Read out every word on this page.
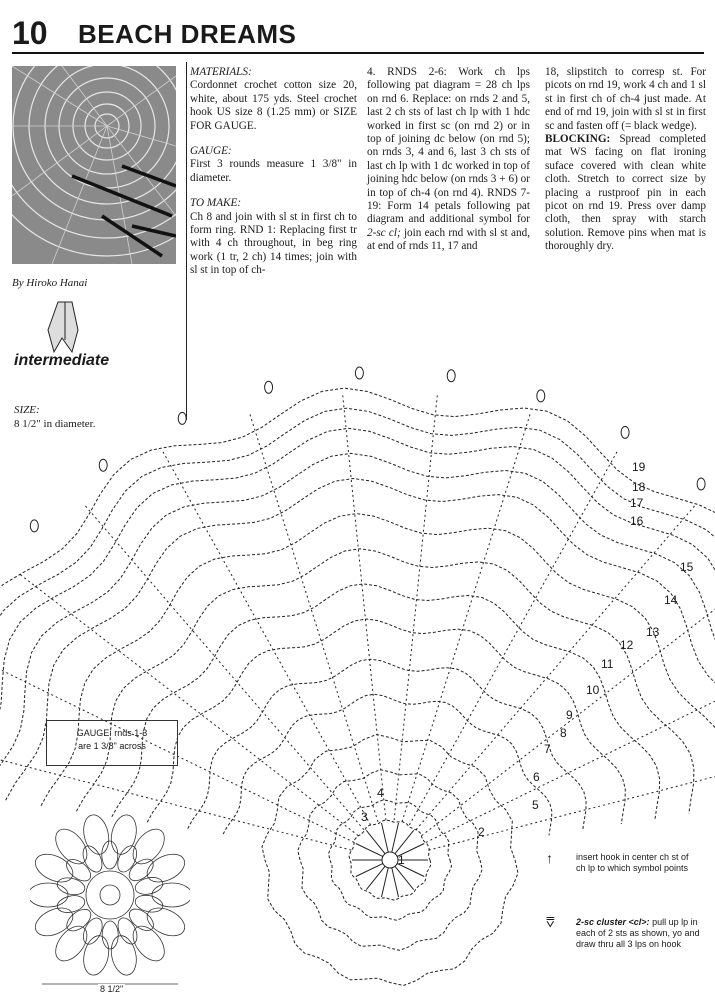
10 BEACH DREAMS
By Hiroko Hanai
intermediate
SIZE:
8 1/2" in diameter.

MATERIALS:

Cordonnet crochet cotton size 20, white, about 175 yds. Steel crochet hook US size 8 (1.25 mm) or SIZE FOR GAUGE.

GAUGE:

First 3 rounds measure 1 3/8" in diameter.

TO MAKE:

Ch 8 and join with sl st in first ch to form ring. RND 1: Replacing first tr with 4 ch throughout, in beg ring work (1 tr, 2 ch) 14 times; join with sl st in top of ch-

4. RNDS 2-6: Work ch lps following pat diagram = 28 ch lps on rnd 6. Replace: on rnds 2 and 5, last 2 ch sts of last ch lp with 1 hdc worked in first sc (on rnd 2) or in top of joining dc below (on rnd 5); on rnds 3, 4 and 6, last 3 ch sts of last ch lp with 1 dc worked in top of joining hdc below (on rnds 3 + 6) or in top of ch-4 (on rnd 4). RNDS 7-19: Form 14 petals following pat diagram and additional symbol for 2-sc cl; join each rnd with sl st and, at end of rnds 11, 17 and

18, slipstitch to corresp st. For picots on rnd 19, work 4 ch and 1 sl st in first ch of ch-4 just made. At end of rnd 19, join with sl st in first sc and fasten off (= black wedge).

BLOCKING: Spread completed mat WS facing on flat ironing suface covered with clean white cloth. Stretch to correct size by placing a rustproof pin in each picot on rnd 19. Press over damp cloth, then spray with starch solution. Remove pins when mat is thoroughly dry.

GAUGE: rnds 1-3
are 1 3/8" across
8 1/2"
19
18
17
16
15
14
13
12
11
10
9
8
7
6
5
4
3
2
1	↑	insert hook in center ch st of ch lp to which symbol points
⩢ 2-sc cluster <cl>: pull up lp in each of 2 sts as shown, yo and draw thru all 3 lps on hook
